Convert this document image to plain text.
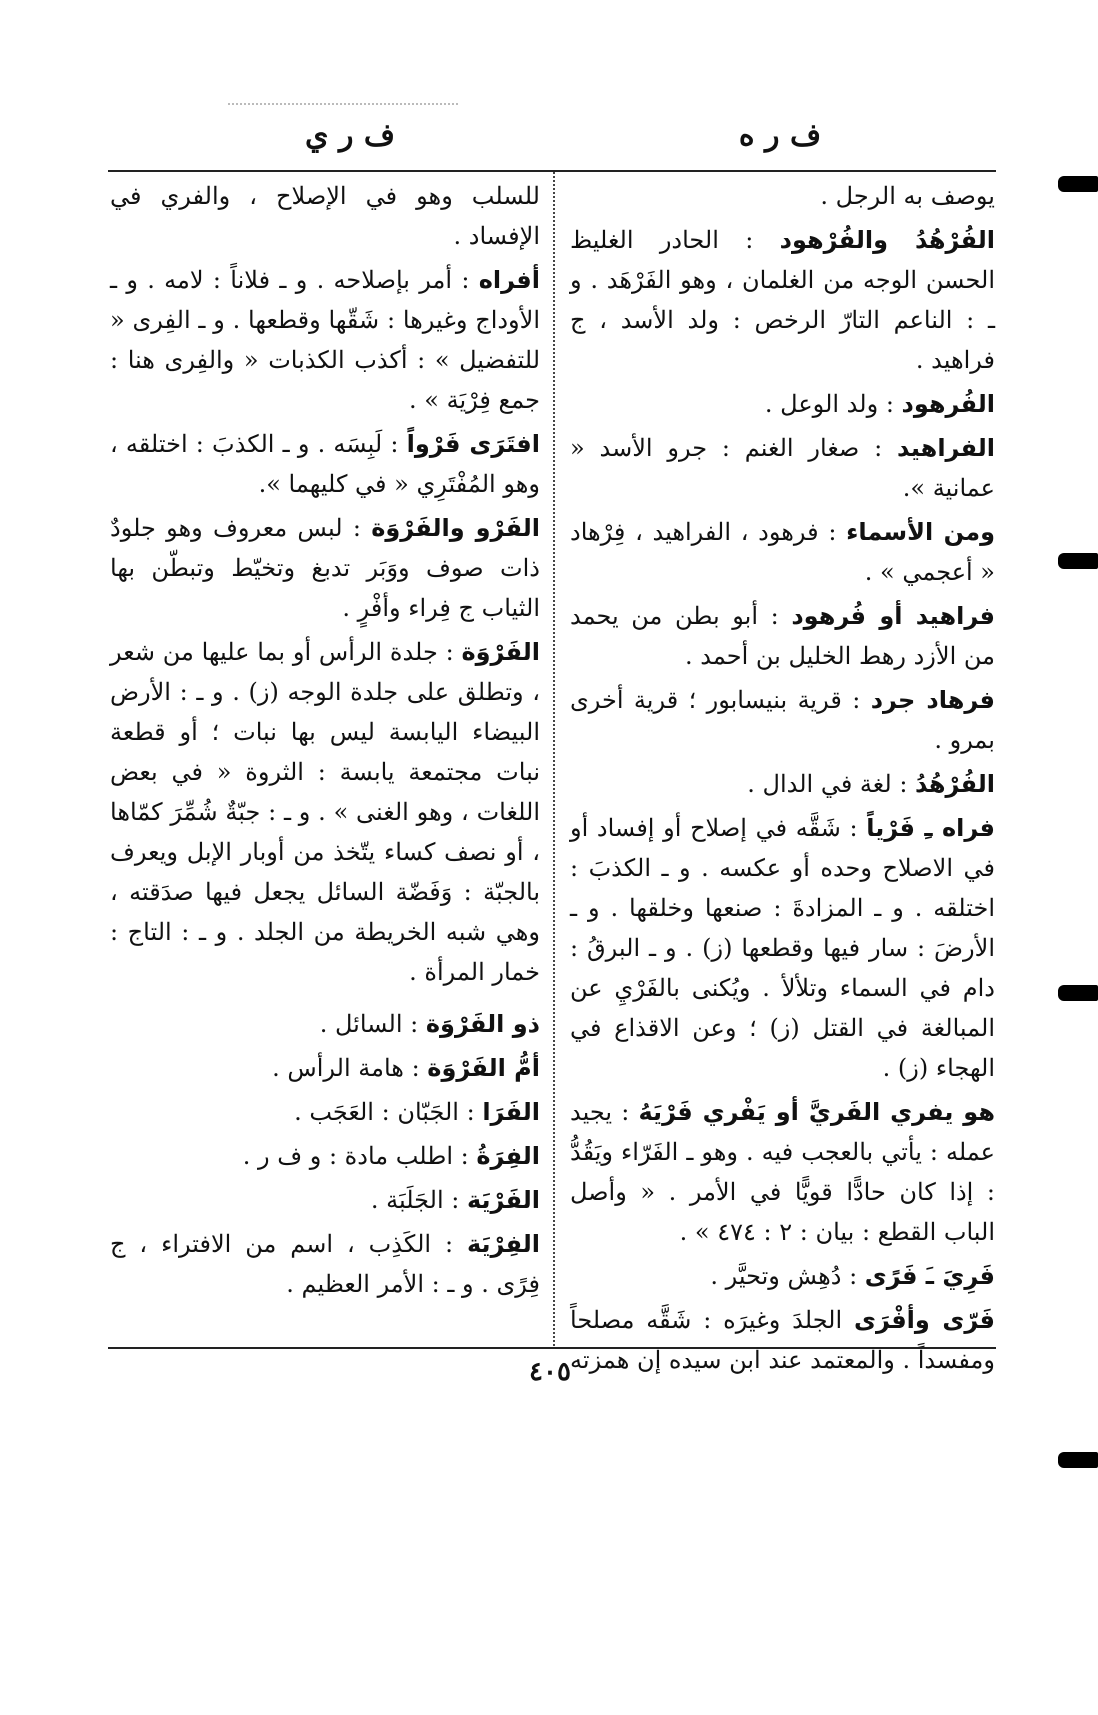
ف ر ي	ف ر ه
يوصف به الرجل .
الفُرْهُدُ والفُرْهود : الحادر الغليظ الحسن الوجه من الغلمان ، وهو الفَرْهَد . و ـ : الناعم التارّ الرخص : ولد الأسد ، ج فراهيد .
الفُرهود : ولد الوعل .
الفراهيد : صغار الغنم : جرو الأسد « عمانية ».
ومن الأسماء : فرهود ، الفراهيد ، فِرْهاد « أعجمي » .
فراهيد أو فُرهود : أبو بطن من يحمد من الأزد رهط الخليل بن أحمد .
فرهاد جرد : قرية بنيسابور ؛ قرية أخرى بمرو .
الفُرْهُدُ : لغة في الدال .
فراه ـِ فَرْياً : شَقَّه في إصلاح أو إفساد أو في الاصلاح وحده أو عكسه . و ـ الكذبَ : اختلقه . و ـ المزادةَ : صنعها وخلقها . و ـ الأرضَ : سار فيها وقطعها (ز) . و ـ البرقُ : دام في السماء وتلألأ . ويُكنى بالفَرْيِ عن المبالغة في القتل (ز) ؛ وعن الاقذاع في الهجاء (ز) .
هو يفري الفَريَّ أو يَفْري فَرْيَهُ : يجيد عمله : يأتي بالعجب فيه . وهو ـ الفَرّاء ويَقُدُّ : إذا كان حادًّا قويًّا في الأمر . « وأصل الباب القطع : بيان : ٢ : ٤٧٤ » .
فَرِيَ ـَ فَرًى : دُهِش وتحيَّر .
فَرّى وأفْرَى الجلدَ وغيرَه : شَقَّه مصلحاً ومفسداً . والمعتمد عند ابن سيده إن همزته
للسلب وهو في الإصلاح ، والفري في الإفساد .
أفراه : أمر بإصلاحه . و ـ فلاناً : لامه . و ـ الأوداج وغيرها : شَقّها وقطعها . و ـ الفِرى « للتفضيل » : أكذب الكذبات « والفِرى هنا : جمع فِرْيَة » .
افتَرَى فَرْواً : لَبِسَه . و ـ الكذبَ : اختلقه ، وهو المُفْتَرِي « في كليهما ».
الفَرْو والفَرْوَة : لبس معروف وهو جلودٌ ذات صوف ووَبَر تدبغ وتخيّط وتبطّن بها الثياب ج فِراء وأفْرٍ .
الفَرْوَة : جلدة الرأس أو بما عليها من شعر ، وتطلق على جلدة الوجه (ز) . و ـ : الأرض البيضاء اليابسة ليس بها نبات ؛ أو قطعة نبات مجتمعة يابسة : الثروة « في بعض اللغات ، وهو الغنى » . و ـ : جبّةٌ شُمِّرَ كمّاها ، أو نصف كساء يتّخذ من أوبار الإبل ويعرف بالجبّة : وَفَضّة السائل يجعل فيها صدَقته ، وهي شبه الخريطة من الجلد . و ـ : التاج : خمار المرأة .
ذو الفَرْوَة : السائل .
أمُّ الفَرْوَة : هامة الرأس .
الفَرَا : الجَبّان : العَجَب .
الفِرَةُ : اطلب مادة : و ف ر .
الفَرْيَة : الجَلَبَة .
الفِرْيَة : الكَذِب ، اسم من الافتراء ، ج فِرًى . و ـ : الأمر العظيم .
٤٠٥
